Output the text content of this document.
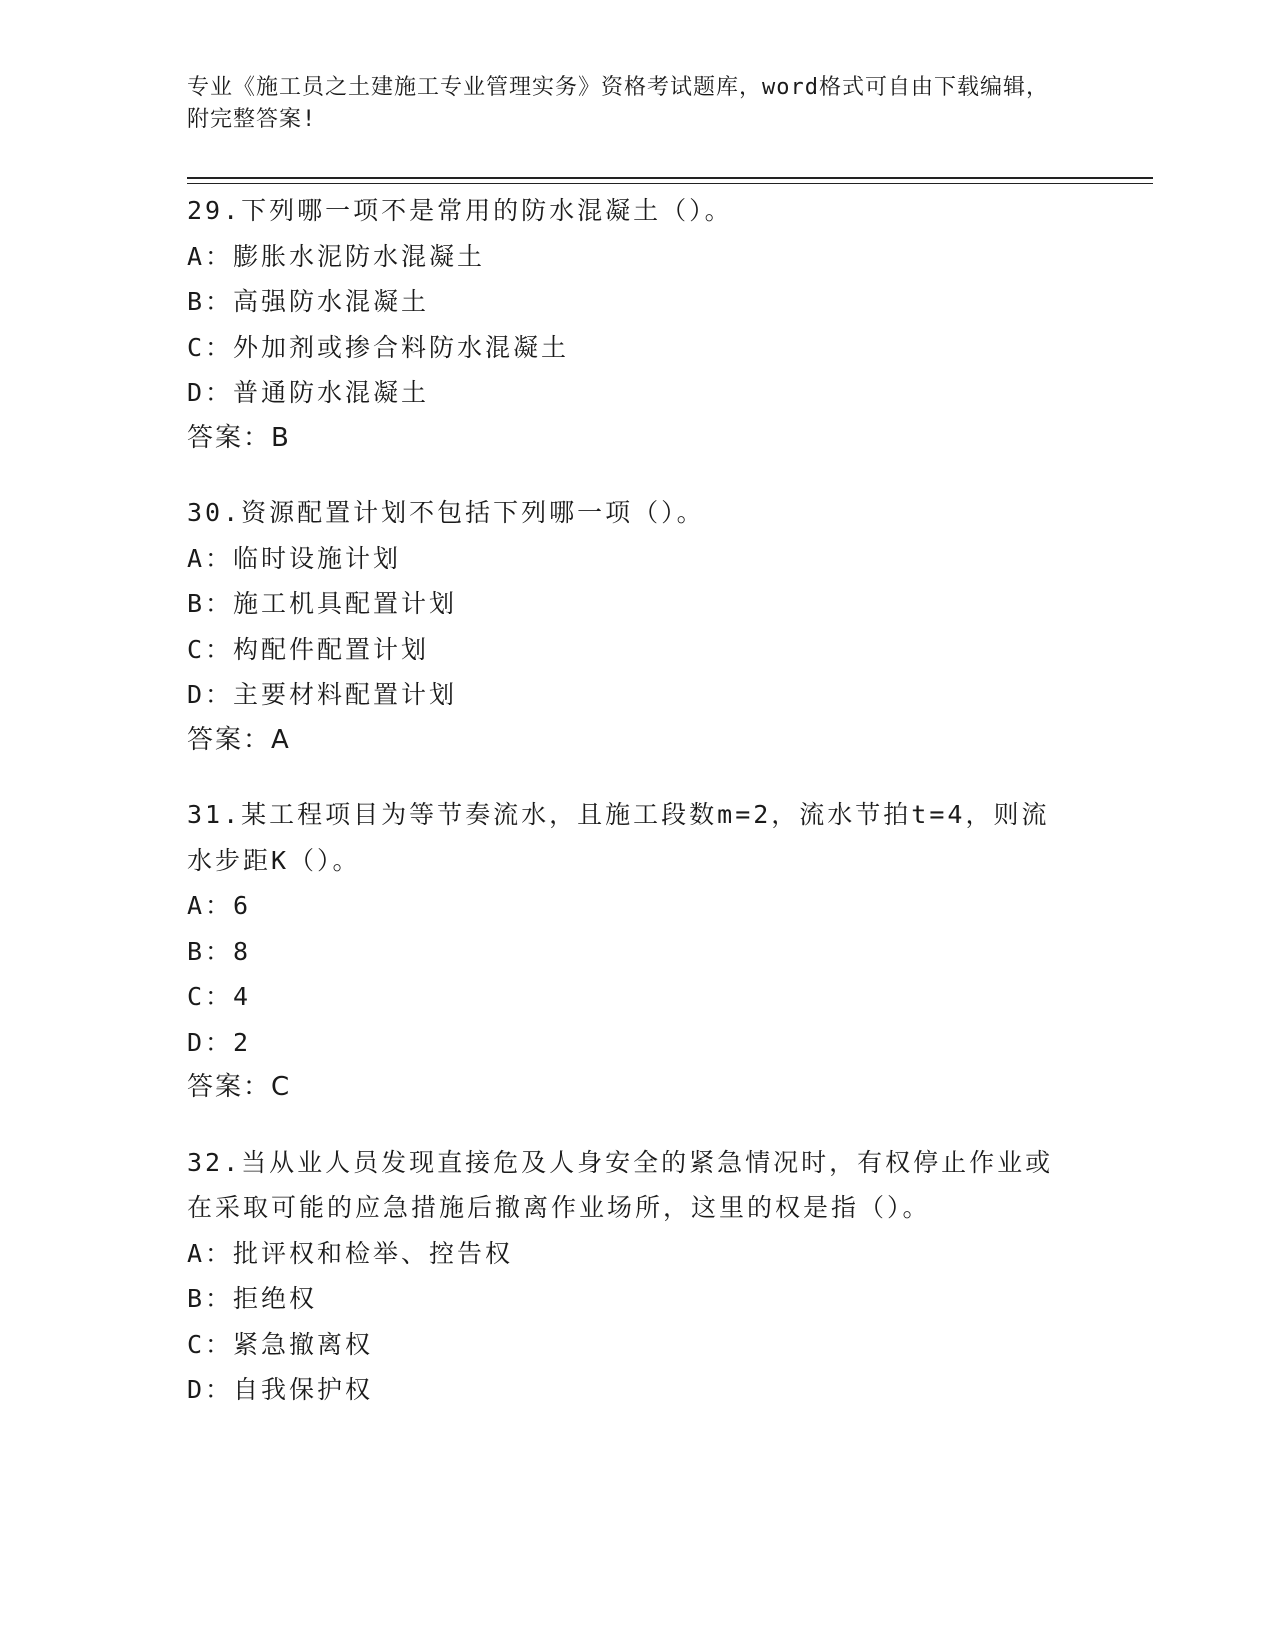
专业《施工员之土建施工专业管理实务》资格考试题库，word格式可自由下载编辑，附完整答案!
29.下列哪一项不是常用的防水混凝土（）。
A：膨胀水泥防水混凝土
B：高强防水混凝土
C：外加剂或掺合料防水混凝土
D：普通防水混凝土
答案：B
30.资源配置计划不包括下列哪一项（）。
A：临时设施计划
B：施工机具配置计划
C：构配件配置计划
D：主要材料配置计划
答案：A
31.某工程项目为等节奏流水，且施工段数m=2，流水节拍t=4，则流水步距K（）。
A：6
B：8
C：4
D：2
答案：C
32.当从业人员发现直接危及人身安全的紧急情况时，有权停止作业或在采取可能的应急措施后撤离作业场所，这里的权是指（）。
A：批评权和检举、控告权
B：拒绝权
C：紧急撤离权
D：自我保护权
